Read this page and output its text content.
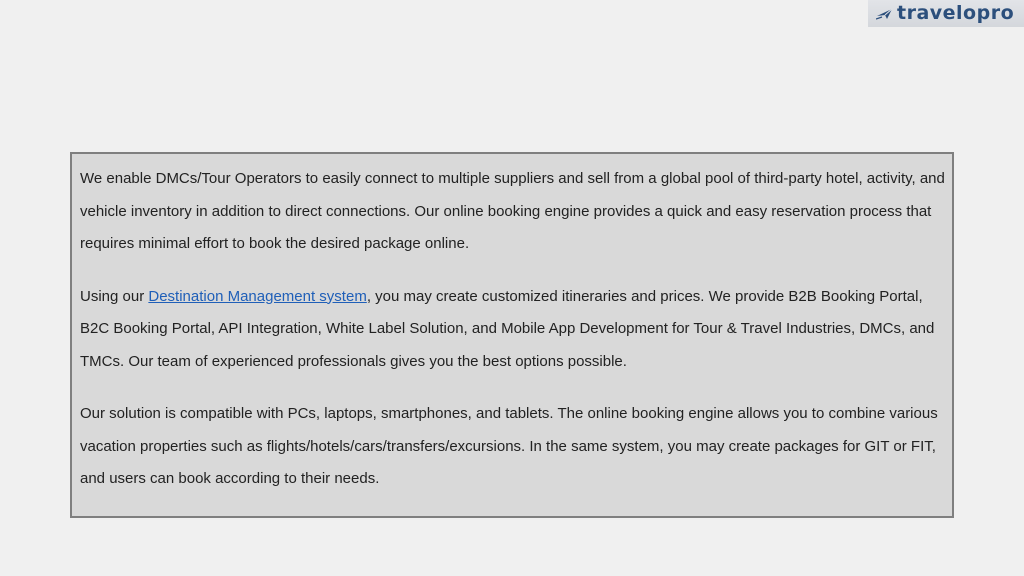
travelopro

We enable DMCs/Tour Operators to easily connect to multiple suppliers and sell from a global pool of third-party hotel, activity, and vehicle inventory in addition to direct connections. Our online booking engine provides a quick and easy reservation process that requires minimal effort to book the desired package online.

Using our Destination Management system, you may create customized itineraries and prices. We provide B2B Booking Portal, B2C Booking Portal, API Integration, White Label Solution, and Mobile App Development for Tour & Travel Industries, DMCs, and TMCs. Our team of experienced professionals gives you the best options possible.

Our solution is compatible with PCs, laptops, smartphones, and tablets. The online booking engine allows you to combine various vacation properties such as flights/hotels/cars/transfers/excursions. In the same system, you may create packages for GIT or FIT, and users can book according to their needs.
